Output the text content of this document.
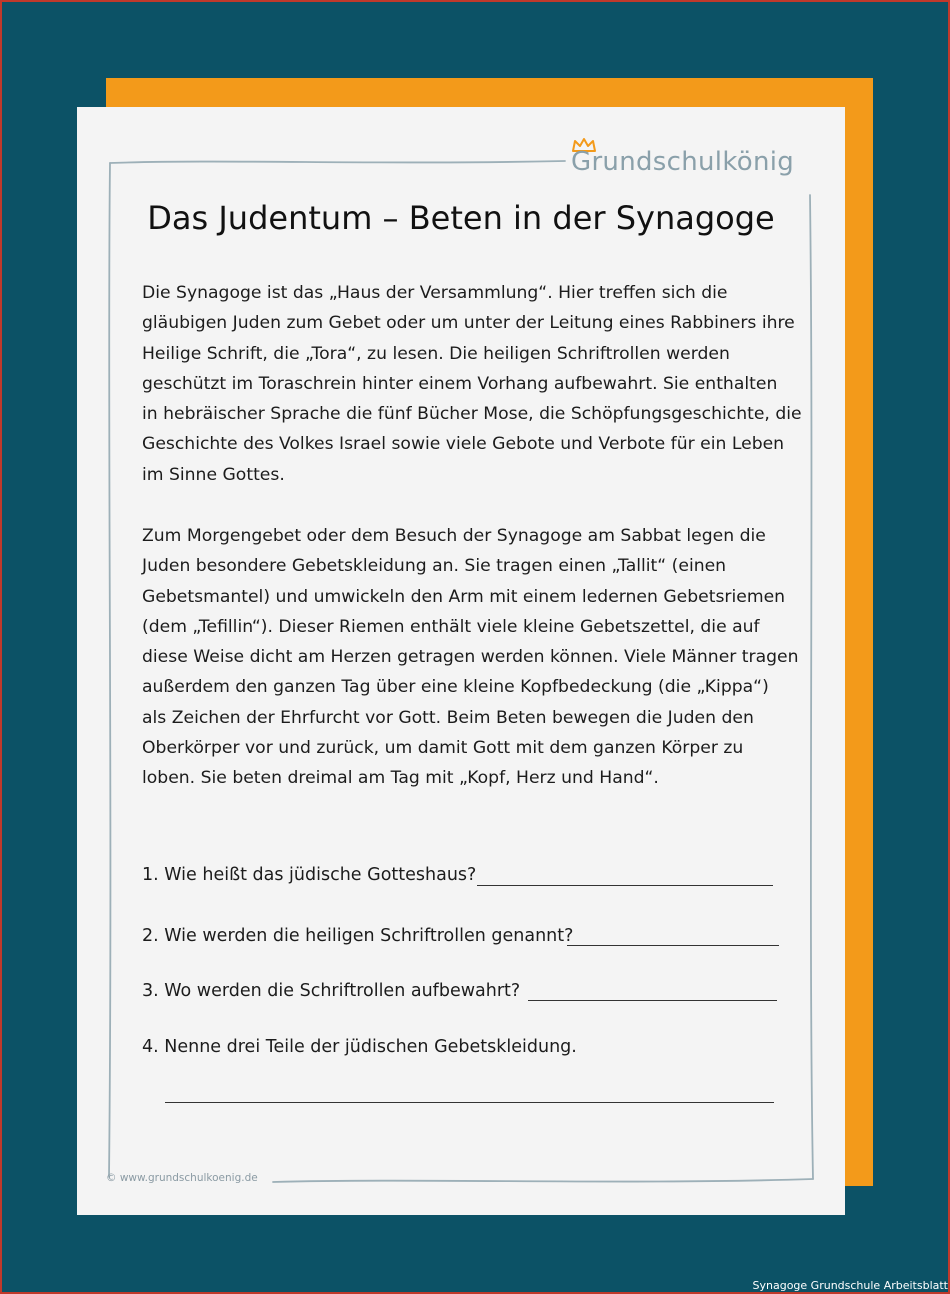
Grundschulkönig
Das Judentum – Beten in der Synagoge
Die Synagoge ist das „Haus der Versammlung“. Hier treffen sich die
gläubigen Juden zum Gebet oder um unter der Leitung eines Rabbiners ihre
Heilige Schrift, die „Tora“, zu lesen. Die heiligen Schriftrollen werden
geschützt im Toraschrein hinter einem Vorhang aufbewahrt. Sie enthalten
in hebräischer Sprache die fünf Bücher Mose, die Schöpfungsgeschichte, die
Geschichte des Volkes Israel sowie viele Gebote und Verbote für ein Leben
im Sinne Gottes.
Zum Morgengebet oder dem Besuch der Synagoge am Sabbat legen die
Juden besondere Gebetskleidung an. Sie tragen einen „Tallit“ (einen
Gebetsmantel) und umwickeln den Arm mit einem ledernen Gebetsriemen
(dem „Tefillin“). Dieser Riemen enthält viele kleine Gebetszettel, die auf
diese Weise dicht am Herzen getragen werden können. Viele Männer tragen
außerdem den ganzen Tag über eine kleine Kopfbedeckung (die „Kippa“)
als Zeichen der Ehrfurcht vor Gott. Beim Beten bewegen die Juden den
Oberkörper vor und zurück, um damit Gott mit dem ganzen Körper zu
loben. Sie beten dreimal am Tag mit „Kopf, Herz und Hand“.
1. Wie heißt das jüdische Gotteshaus?
2. Wie werden die heiligen Schriftrollen genannt?
3. Wo werden die Schriftrollen aufbewahrt?
4. Nenne drei Teile der jüdischen Gebetskleidung.
© www.grundschulkoenig.de
Synagoge Grundschule Arbeitsblatt
